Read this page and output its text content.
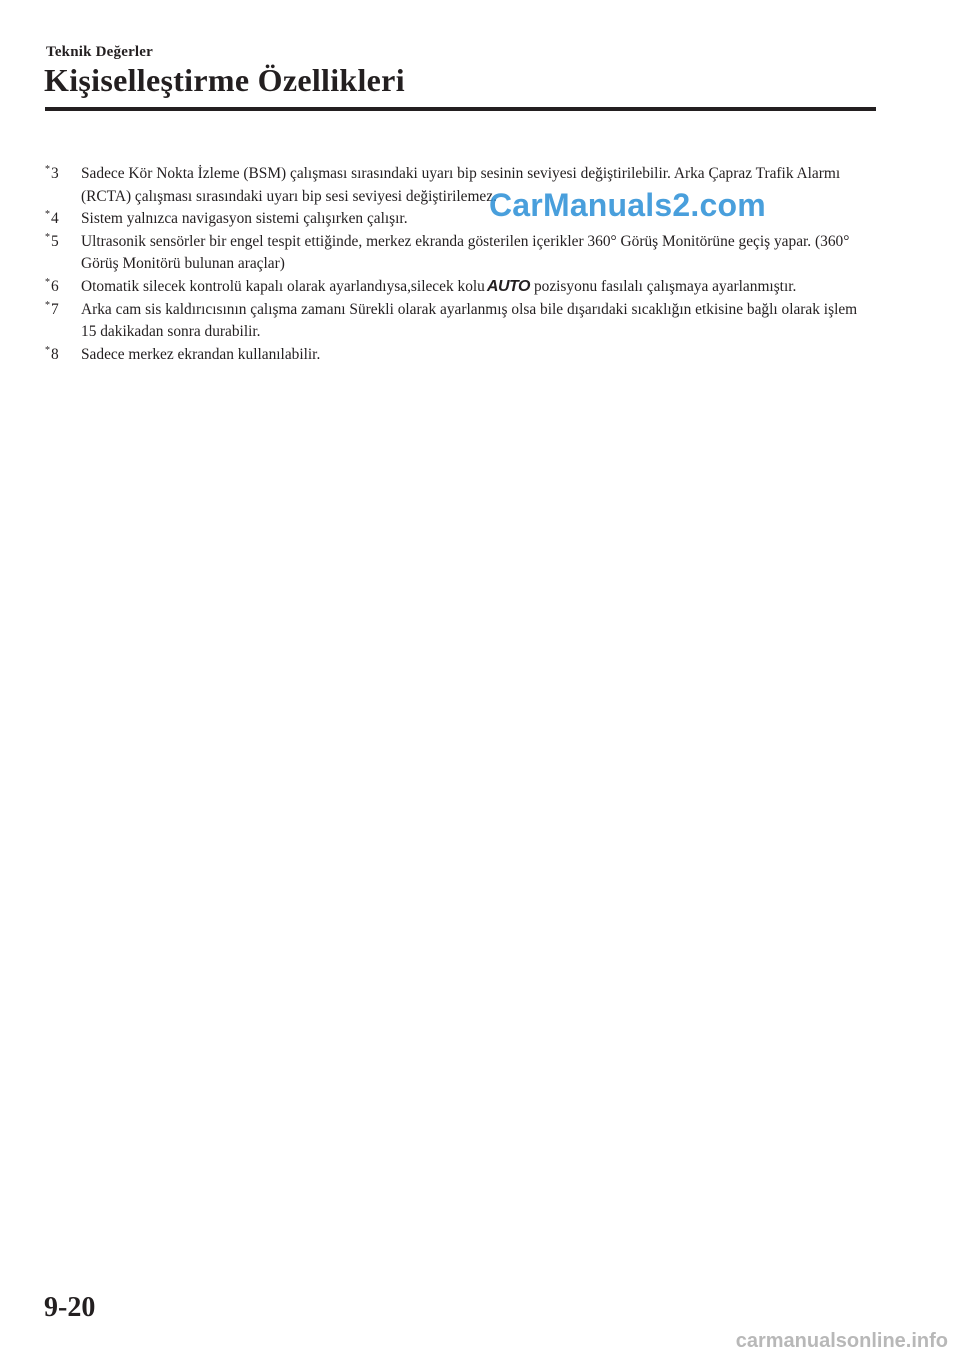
Teknik Değerler
Kişiselleştirme Özellikleri
*3 Sadece Kör Nokta İzleme (BSM) çalışması sırasındaki uyarı bip sesinin seviyesi değiştirilebilir. Arka Çapraz Trafik Alarmı (RCTA) çalışması sırasındaki uyarı bip sesi seviyesi değiştirilemez.
*4 Sistem yalnızca navigasyon sistemi çalışırken çalışır.
*5 Ultrasonik sensörler bir engel tespit ettiğinde, merkez ekranda gösterilen içerikler 360° Görüş Monitörüne geçiş yapar. (360° Görüş Monitörü bulunan araçlar)
*6 Otomatik silecek kontrolü kapalı olarak ayarlandıysa,silecek kolu AUTO pozisyonu fasılalı çalışmaya ayarlanmıştır.
*7 Arka cam sis kaldırıcısının çalışma zamanı Sürekli olarak ayarlanmış olsa bile dışarıdaki sıcaklığın etkisine bağlı olarak işlem 15 dakikadan sonra durabilir.
*8 Sadece merkez ekrandan kullanılabilir.
CarManuals2.com
9-20
carmanualsonline.info
